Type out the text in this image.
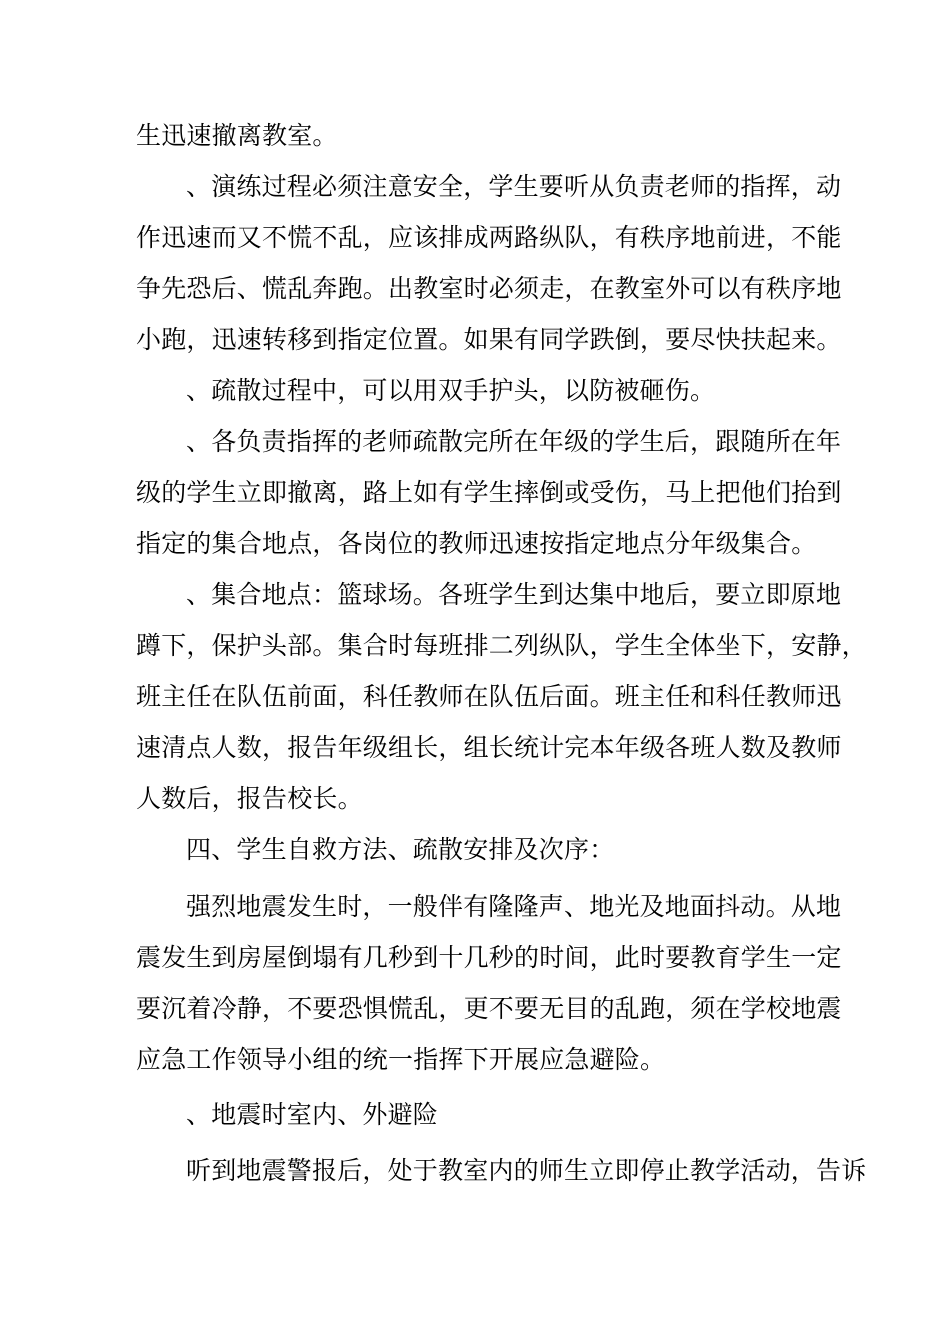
生迅速撤离教室。
、演练过程必须注意安全，学生要听从负责老师的指挥，动
作迅速而又不慌不乱，应该排成两路纵队，有秩序地前进，不能
争先恐后、慌乱奔跑。出教室时必须走，在教室外可以有秩序地
小跑，迅速转移到指定位置。如果有同学跌倒，要尽快扶起来。
、疏散过程中，可以用双手护头，以防被砸伤。
、各负责指挥的老师疏散完所在年级的学生后，跟随所在年
级的学生立即撤离，路上如有学生摔倒或受伤，马上把他们抬到
指定的集合地点，各岗位的教师迅速按指定地点分年级集合。
、集合地点：篮球场。各班学生到达集中地后，要立即原地
蹲下，保护头部。集合时每班排二列纵队，学生全体坐下，安静，
班主任在队伍前面，科任教师在队伍后面。班主任和科任教师迅
速清点人数，报告年级组长，组长统计完本年级各班人数及教师
人数后，报告校长。
四、学生自救方法、疏散安排及次序：
强烈地震发生时，一般伴有隆隆声、地光及地面抖动。从地
震发生到房屋倒塌有几秒到十几秒的时间，此时要教育学生一定
要沉着冷静，不要恐惧慌乱，更不要无目的乱跑，须在学校地震
应急工作领导小组的统一指挥下开展应急避险。
、地震时室内、外避险
听到地震警报后，处于教室内的师生立即停止教学活动，告诉
